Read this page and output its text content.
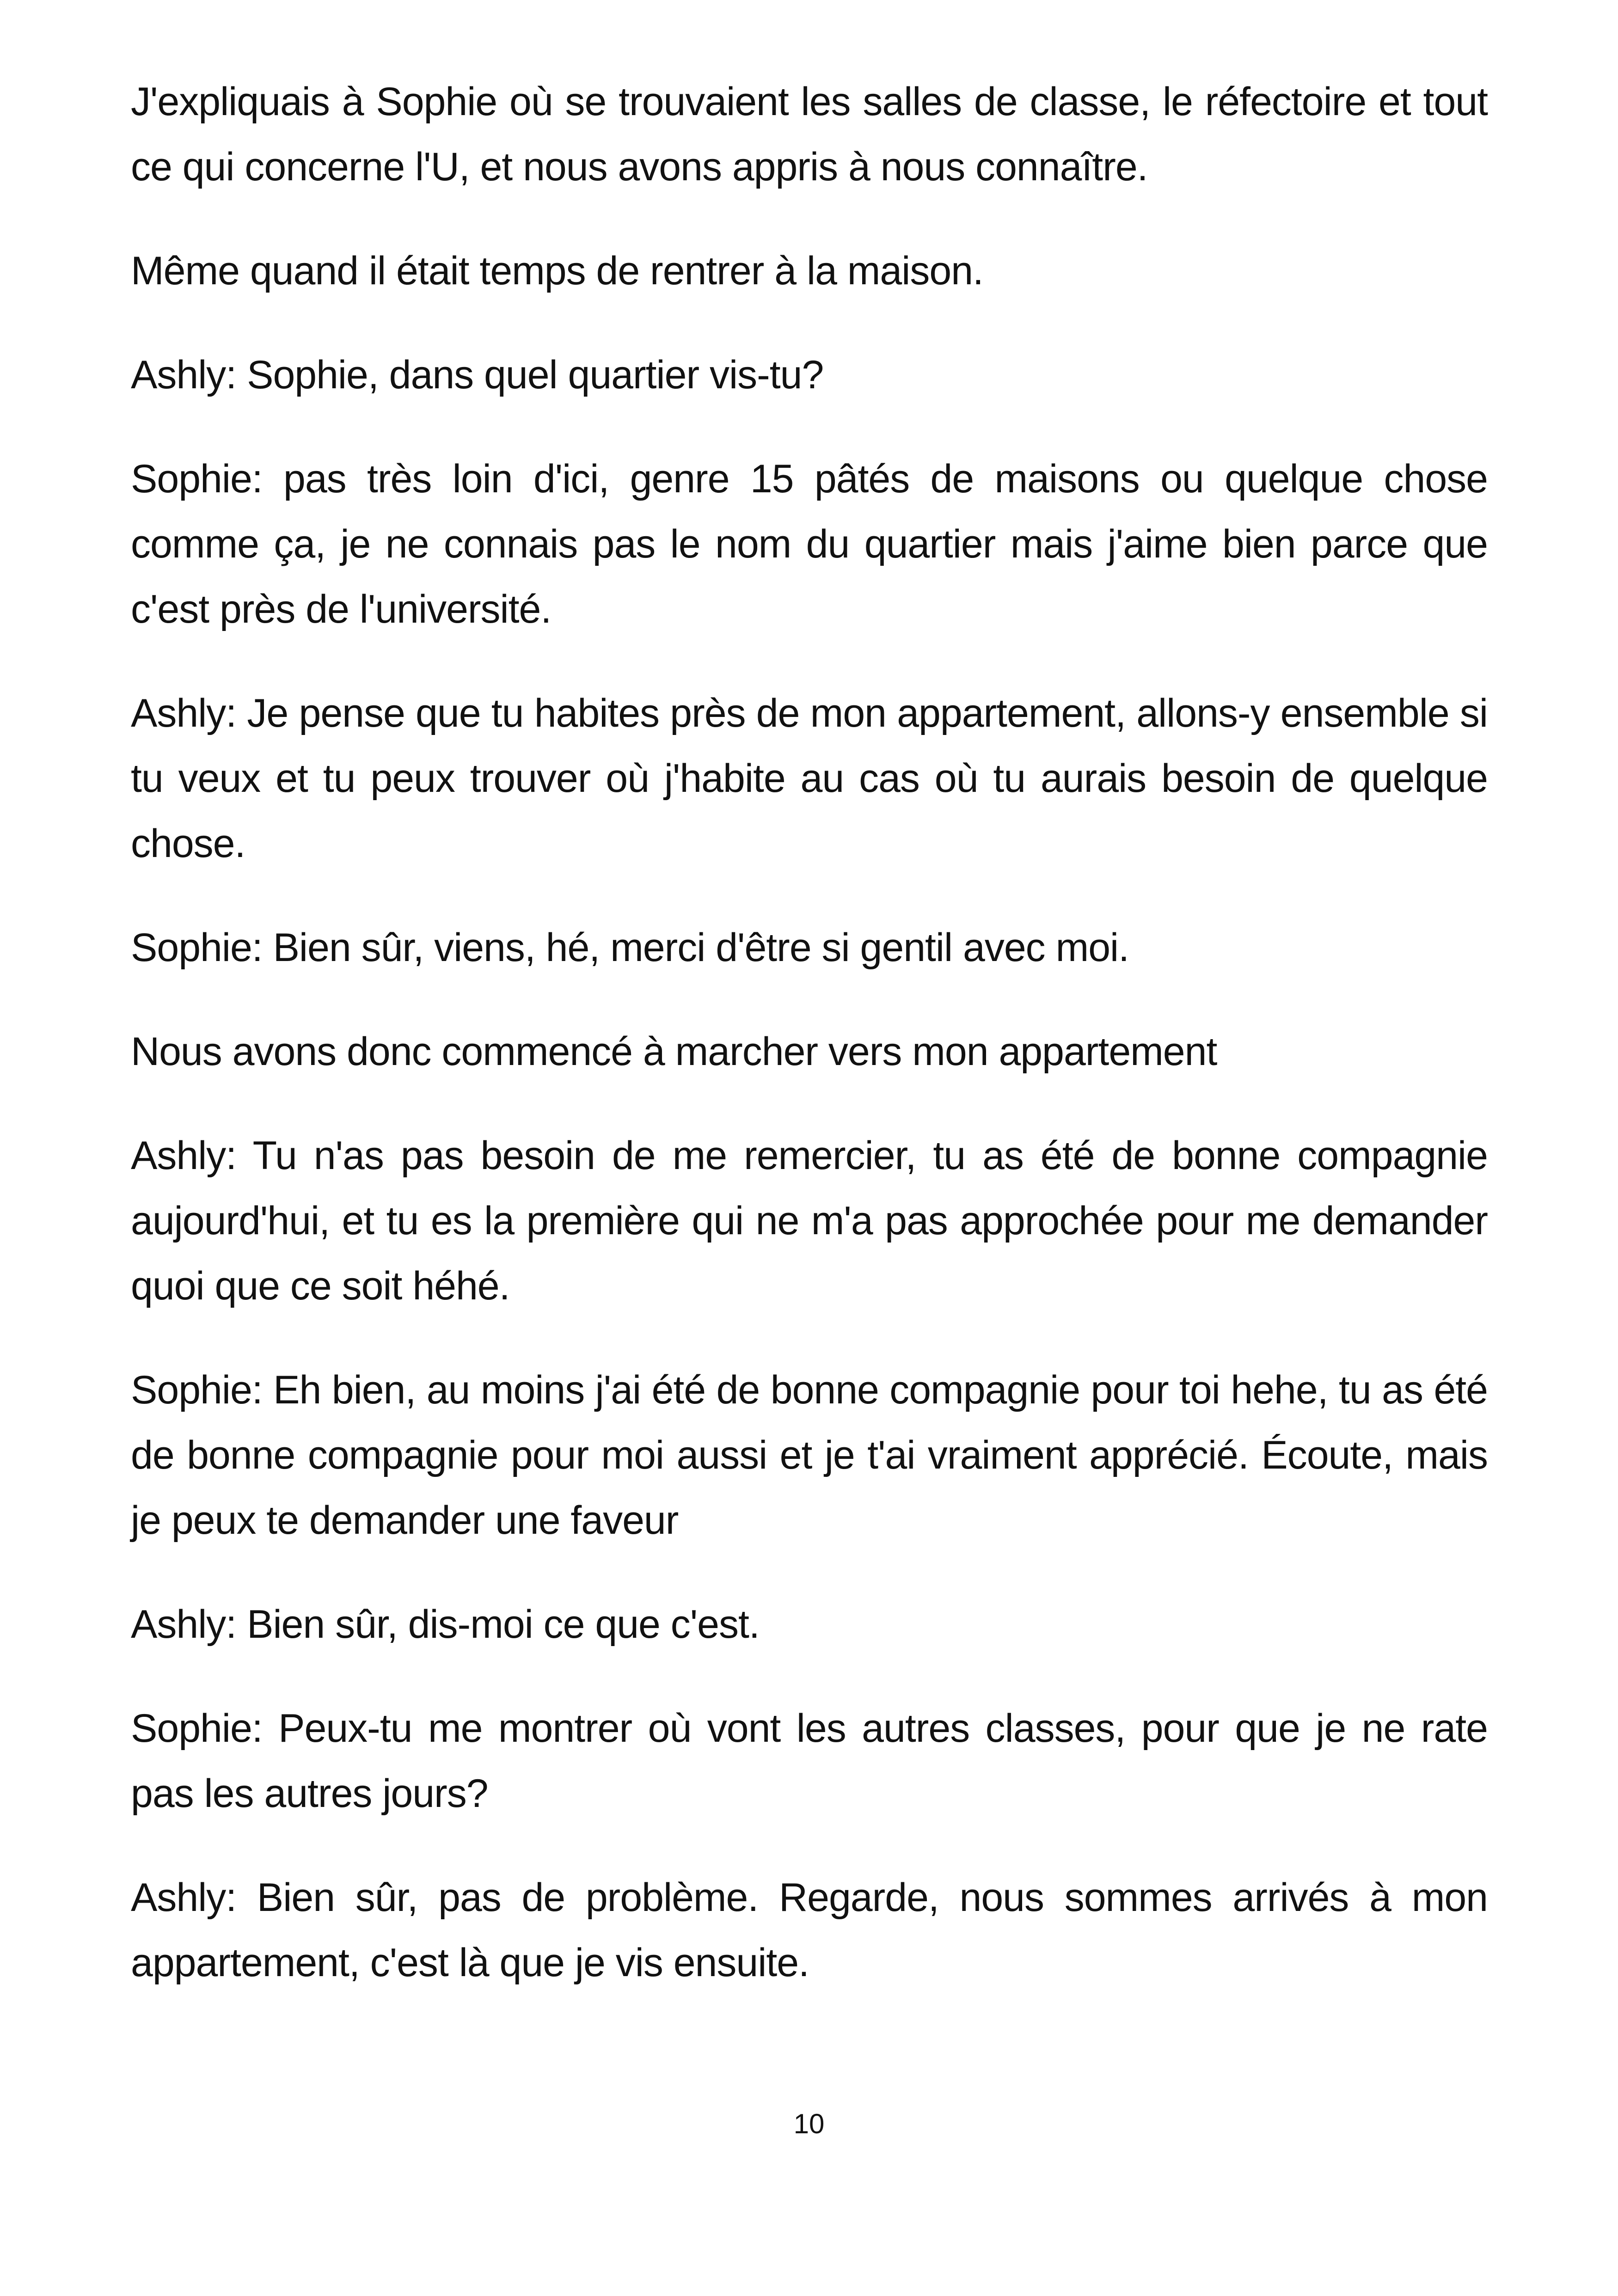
J'expliquais à Sophie où se trouvaient les salles de classe, le réfectoire et tout ce qui concerne l'U, et nous avons appris à nous connaître.

Même quand il était temps de rentrer à la maison.

Ashly: Sophie, dans quel quartier vis-tu?

Sophie: pas très loin d'ici, genre 15 pâtés de maisons ou quelque chose comme ça, je ne connais pas le nom du quartier mais j'aime bien parce que c'est près de l'université.

Ashly: Je pense que tu habites près de mon appartement, allons-y ensemble si tu veux et tu peux trouver où j'habite au cas où tu aurais besoin de quelque chose.

Sophie: Bien sûr, viens, hé, merci d'être si gentil avec moi.

Nous avons donc commencé à marcher vers mon appartement

Ashly: Tu n'as pas besoin de me remercier, tu as été de bonne compagnie aujourd'hui, et tu es la première qui ne m'a pas approchée pour me demander quoi que ce soit héhé.

Sophie: Eh bien, au moins j'ai été de bonne compagnie pour toi hehe, tu as été de bonne compagnie pour moi aussi et je t'ai vraiment apprécié. Écoute, mais je peux te demander une faveur

Ashly: Bien sûr, dis-moi ce que c'est.

Sophie: Peux-tu me montrer où vont les autres classes, pour que je ne rate pas les autres jours?

Ashly: Bien sûr, pas de problème. Regarde, nous sommes arrivés à mon appartement, c'est là que je vis ensuite.

10
